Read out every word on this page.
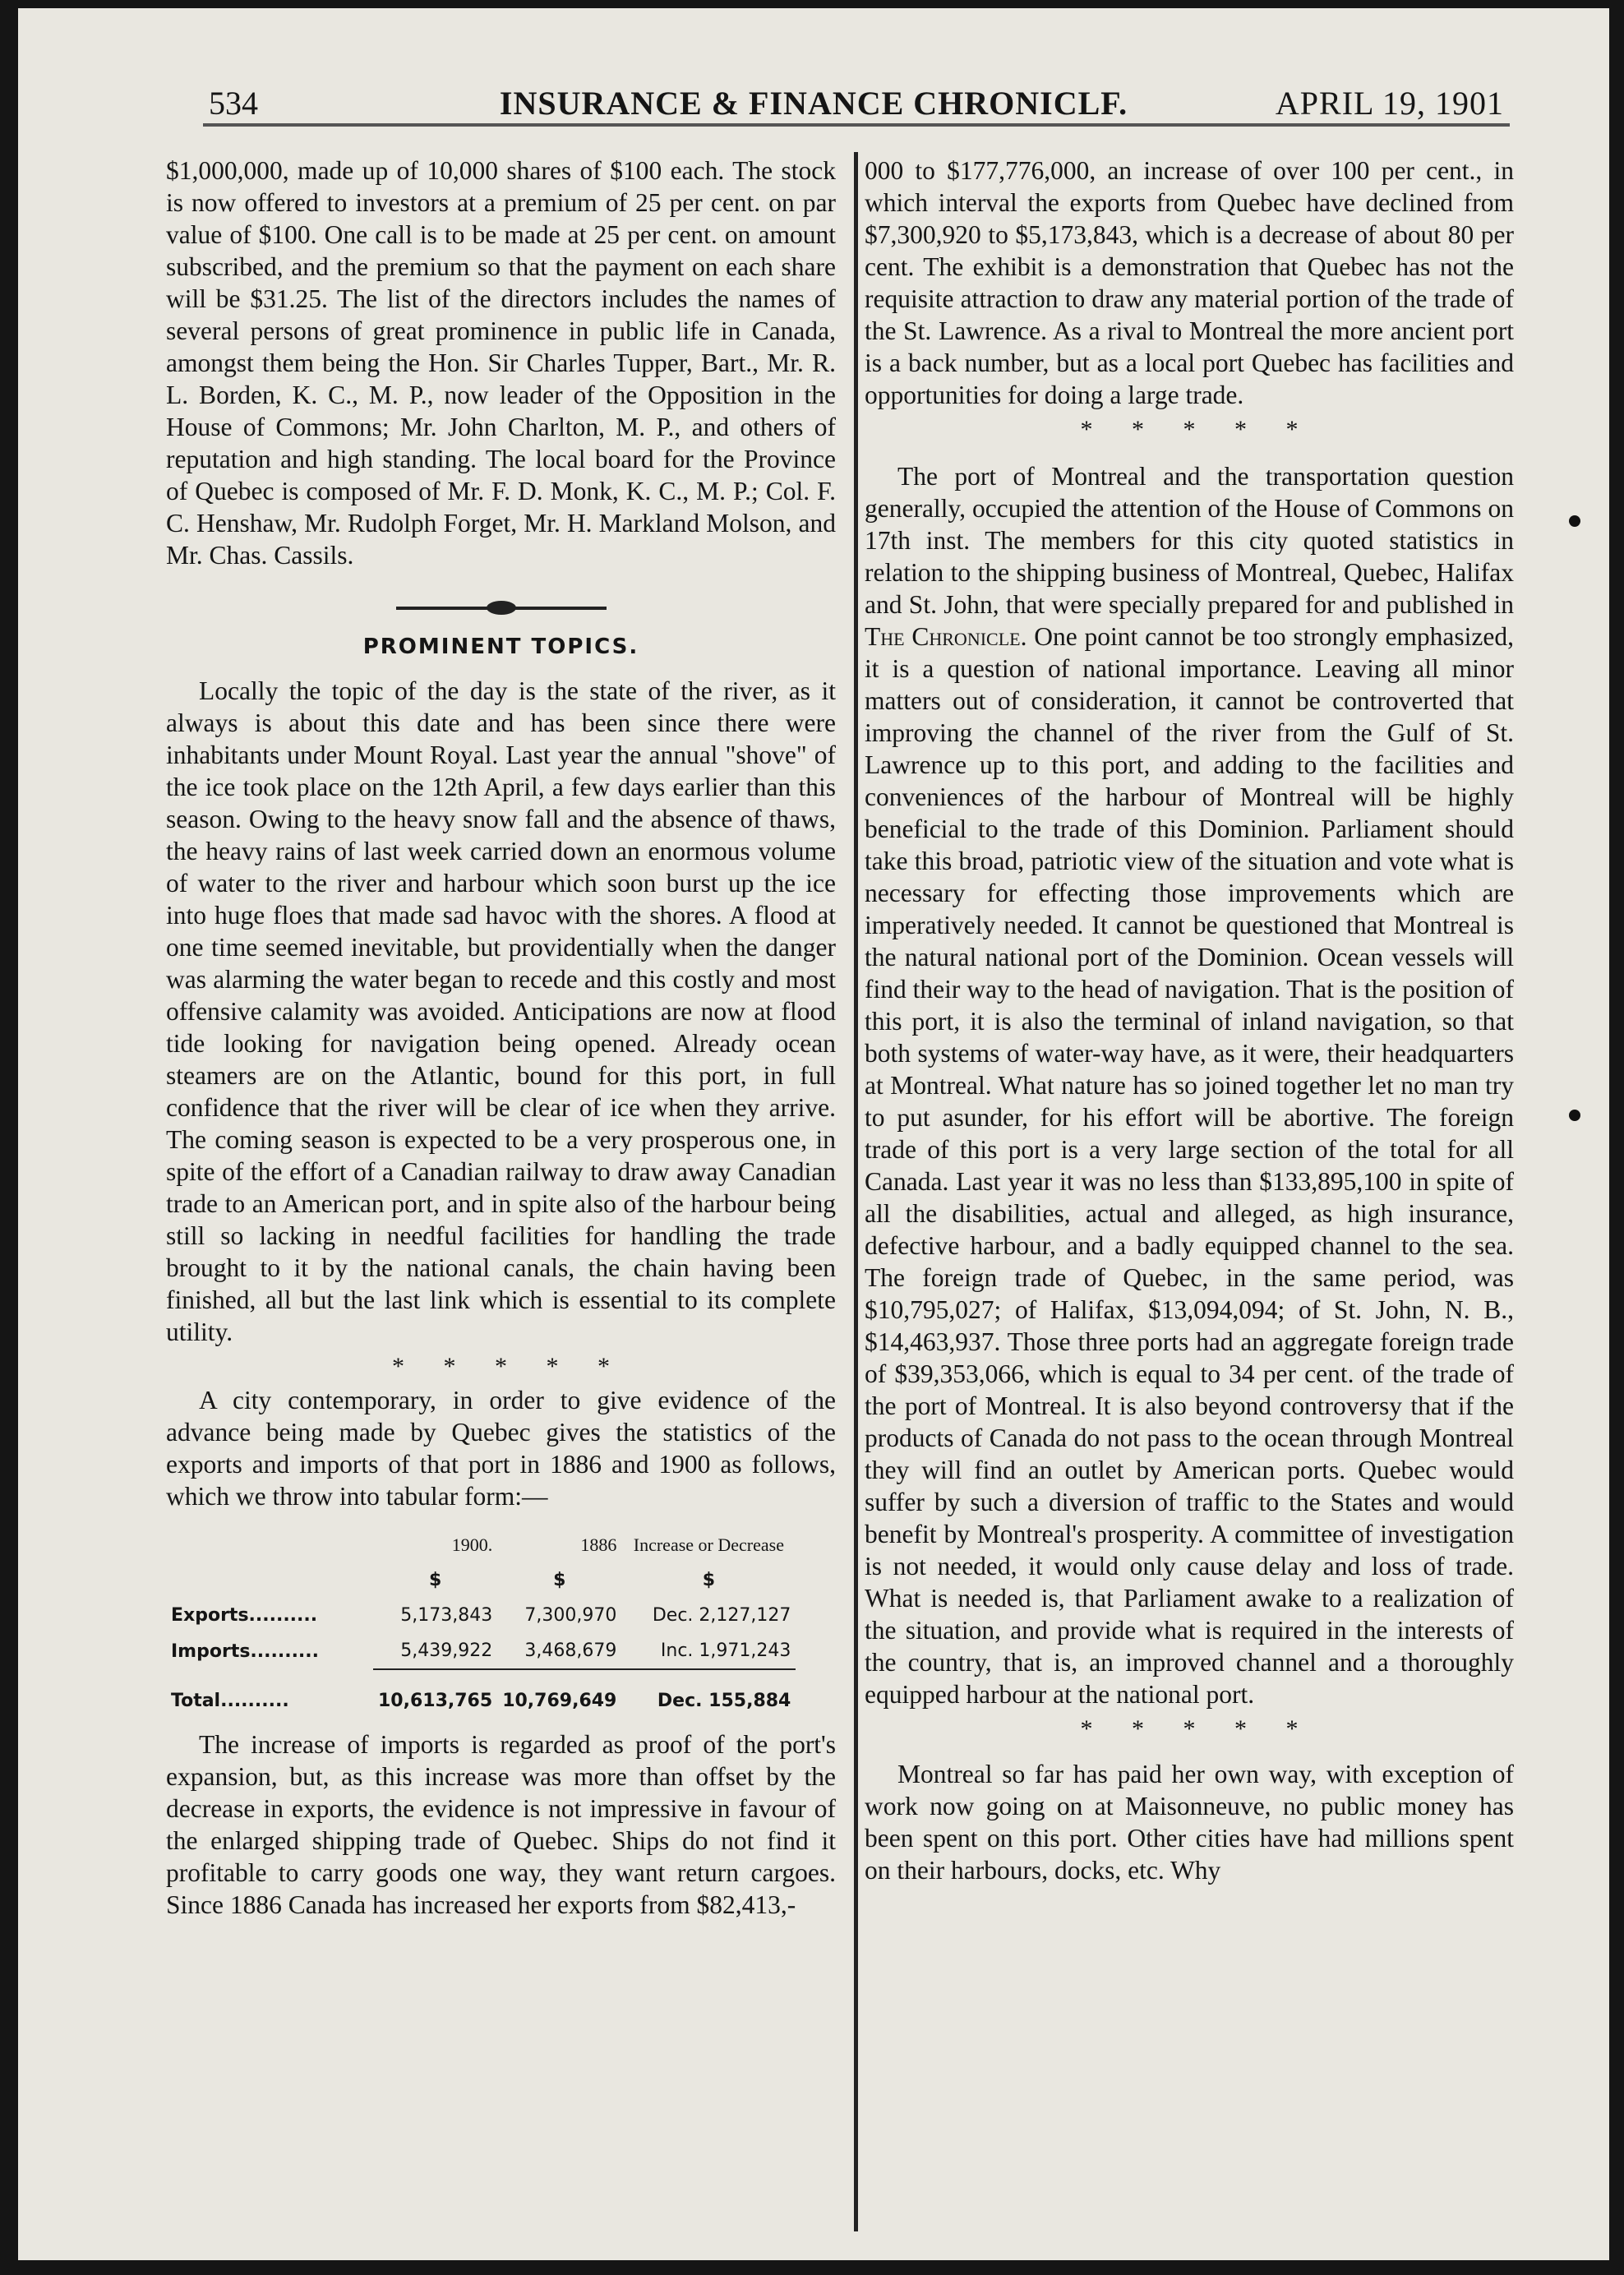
534	INSURANCE & FINANCE CHRONICLF.	APRIL 19, 1901

$1,000,000, made up of 10,000 shares of $100 each. The stock is now offered to investors at a premium of 25 per cent. on par value of $100. One call is to be made at 25 per cent. on amount subscribed, and the premium so that the payment on each share will be $31.25. The list of the directors includes the names of several persons of great prominence in public life in Canada, amongst them being the Hon. Sir Charles Tupper, Bart., Mr. R. L. Borden, K. C., M. P., now leader of the Opposition in the House of Commons; Mr. John Charlton, M. P., and others of reputation and high standing. The local board for the Province of Quebec is composed of Mr. F. D. Monk, K. C., M. P.; Col. F. C. Henshaw, Mr. Rudolph Forget, Mr. H. Markland Molson, and Mr. Chas. Cassils.

PROMINENT TOPICS.

Locally the topic of the day is the state of the river, as it always is about this date and has been since there were inhabitants under Mount Royal. Last year the annual "shove" of the ice took place on the 12th April, a few days earlier than this season. Owing to the heavy snow fall and the absence of thaws, the heavy rains of last week carried down an enormous volume of water to the river and harbour which soon burst up the ice into huge floes that made sad havoc with the shores. A flood at one time seemed inevitable, but providentially when the danger was alarming the water began to recede and this costly and most offensive calamity was avoided. Anticipations are now at flood tide looking for navigation being opened. Already ocean steamers are on the Atlantic, bound for this port, in full confidence that the river will be clear of ice when they arrive. The coming season is expected to be a very prosperous one, in spite of the effort of a Canadian railway to draw away Canadian trade to an American port, and in spite also of the harbour being still so lacking in needful facilities for handling the trade brought to it by the national canals, the chain having been finished, all but the last link which is essential to its complete utility.

* * * * *

A city contemporary, in order to give evidence of the advance being made by Quebec gives the statistics of the exports and imports of that port in 1886 and 1900 as follows, which we throw into tabular form:—

	1900.	1886	Increase or Decrease
	$	$	$
Exports..........	5,173,843	7,300,970	Dec. 2,127,127
Imports..........	5,439,922	3,468,679	Inc. 1,971,243
Total..........	10,613,765	10,769,649	Dec. 155,884

The increase of imports is regarded as proof of the port's expansion, but, as this increase was more than offset by the decrease in exports, the evidence is not impressive in favour of the enlarged shipping trade of Quebec. Ships do not find it profitable to carry goods one way, they want return cargoes. Since 1886 Canada has increased her exports from $82,413,-

000 to $177,776,000, an increase of over 100 per cent., in which interval the exports from Quebec have declined from $7,300,920 to $5,173,843, which is a decrease of about 80 per cent. The exhibit is a demonstration that Quebec has not the requisite attraction to draw any material portion of the trade of the St. Lawrence. As a rival to Montreal the more ancient port is a back number, but as a local port Quebec has facilities and opportunities for doing a large trade.

* * * * *

The port of Montreal and the transportation question generally, occupied the attention of the House of Commons on 17th inst. The members for this city quoted statistics in relation to the shipping business of Montreal, Quebec, Halifax and St. John, that were specially prepared for and published in The Chronicle. One point cannot be too strongly emphasized, it is a question of national importance. Leaving all minor matters out of consideration, it cannot be controverted that improving the channel of the river from the Gulf of St. Lawrence up to this port, and adding to the facilities and conveniences of the harbour of Montreal will be highly beneficial to the trade of this Dominion. Parliament should take this broad, patriotic view of the situation and vote what is necessary for effecting those improvements which are imperatively needed. It cannot be questioned that Montreal is the natural national port of the Dominion. Ocean vessels will find their way to the head of navigation. That is the position of this port, it is also the terminal of inland navigation, so that both systems of water-way have, as it were, their headquarters at Montreal. What nature has so joined together let no man try to put asunder, for his effort will be abortive. The foreign trade of this port is a very large section of the total for all Canada. Last year it was no less than $133,895,100 in spite of all the disabilities, actual and alleged, as high insurance, defective harbour, and a badly equipped channel to the sea. The foreign trade of Quebec, in the same period, was $10,795,027; of Halifax, $13,094,094; of St. John, N. B., $14,463,937. Those three ports had an aggregate foreign trade of $39,353,066, which is equal to 34 per cent. of the trade of the port of Montreal. It is also beyond controversy that if the products of Canada do not pass to the ocean through Montreal they will find an outlet by American ports. Quebec would suffer by such a diversion of traffic to the States and would benefit by Montreal's prosperity. A committee of investigation is not needed, it would only cause delay and loss of trade. What is needed is, that Parliament awake to a realization of the situation, and provide what is required in the interests of the country, that is, an improved channel and a thoroughly equipped harbour at the national port.

* * * * *

Montreal so far has paid her own way, with exception of work now going on at Maisonneuve, no public money has been spent on this port. Other cities have had millions spent on their harbours, docks, etc. Why
